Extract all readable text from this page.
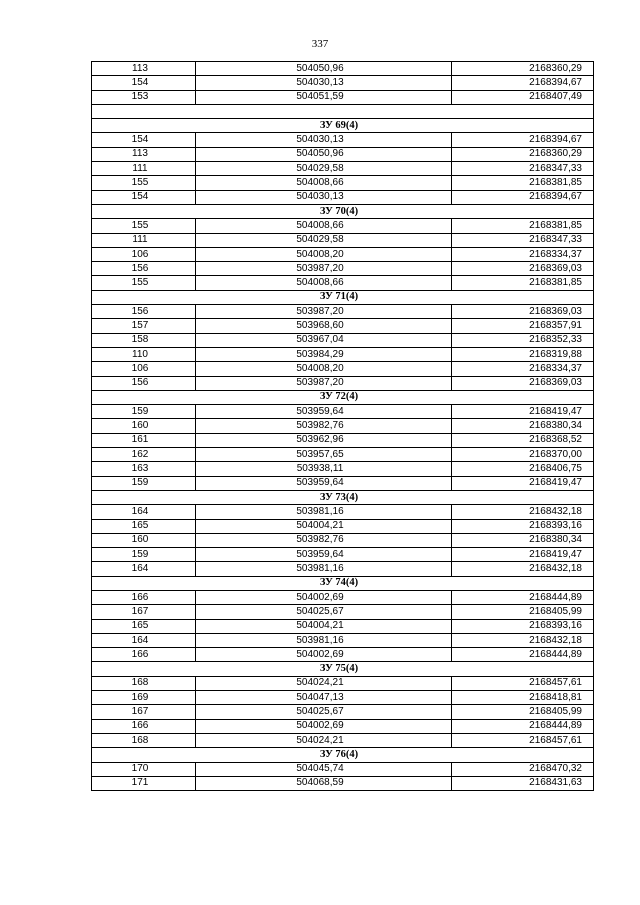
337
113	504050,96	2168360,29
154	504030,13	2168394,67
153	504051,59	2168407,49

ЗУ 69(4)		
154	504030,13	2168394,67
113	504050,96	2168360,29
111	504029,58	2168347,33
155	504008,66	2168381,85
154	504030,13	2168394,67
ЗУ 70(4)		
155	504008,66	2168381,85
111	504029,58	2168347,33
106	504008,20	2168334,37
156	503987,20	2168369,03
155	504008,66	2168381,85
ЗУ 71(4)		
156	503987,20	2168369,03
157	503968,60	2168357,91
158	503967,04	2168352,33
110	503984,29	2168319,88
106	504008,20	2168334,37
156	503987,20	2168369,03
ЗУ 72(4)		
159	503959,64	2168419,47
160	503982,76	2168380,34
161	503962,96	2168368,52
162	503957,65	2168370,00
163	503938,11	2168406,75
159	503959,64	2168419,47
ЗУ 73(4)		
164	503981,16	2168432,18
165	504004,21	2168393,16
160	503982,76	2168380,34
159	503959,64	2168419,47
164	503981,16	2168432,18
ЗУ 74(4)		
166	504002,69	2168444,89
167	504025,67	2168405,99
165	504004,21	2168393,16
164	503981,16	2168432,18
166	504002,69	2168444,89
ЗУ 75(4)		
168	504024,21	2168457,61
169	504047,13	2168418,81
167	504025,67	2168405,99
166	504002,69	2168444,89
168	504024,21	2168457,61
ЗУ 76(4)		
170	504045,74	2168470,32
171	504068,59	2168431,63
